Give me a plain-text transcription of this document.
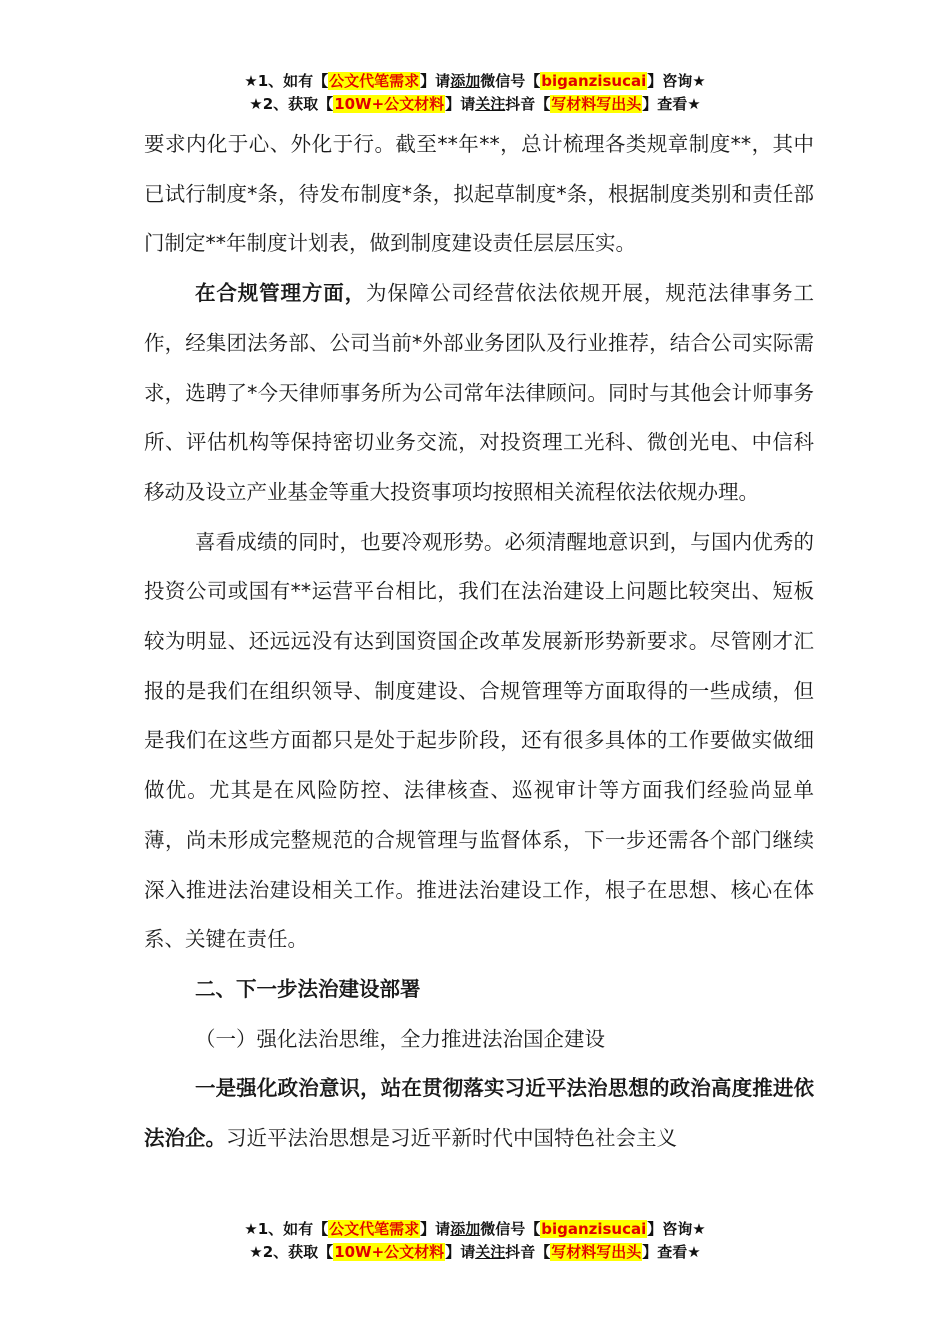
★1、如有【公文代笔需求】请添加微信号【biganzisucai】咨询★
★2、获取【10W+公文材料】请关注抖音【写材料写出头】查看★

要求内化于心、外化于行。截至**年**，总计梳理各类规章制度**，其中已试行制度*条，待发布制度*条，拟起草制度*条，根据制度类别和责任部门制定**年制度计划表，做到制度建设责任层层压实。

在合规管理方面，为保障公司经营依法依规开展，规范法律事务工作，经集团法务部、公司当前*外部业务团队及行业推荐，结合公司实际需求，选聘了*今天律师事务所为公司常年法律顾问。同时与其他会计师事务所、评估机构等保持密切业务交流，对投资理工光科、微创光电、中信科移动及设立产业基金等重大投资事项均按照相关流程依法依规办理。

喜看成绩的同时，也要冷观形势。必须清醒地意识到，与国内优秀的投资公司或国有**运营平台相比，我们在法治建设上问题比较突出、短板较为明显、还远远没有达到国资国企改革发展新形势新要求。尽管刚才汇报的是我们在组织领导、制度建设、合规管理等方面取得的一些成绩，但是我们在这些方面都只是处于起步阶段，还有很多具体的工作要做实做细做优。尤其是在风险防控、法律核查、巡视审计等方面我们经验尚显单薄，尚未形成完整规范的合规管理与监督体系，下一步还需各个部门继续深入推进法治建设相关工作。推进法治建设工作，根子在思想、核心在体系、关键在责任。

二、下一步法治建设部署

（一）强化法治思维，全力推进法治国企建设

一是强化政治意识，站在贯彻落实习近平法治思想的政治高度推进依法治企。习近平法治思想是习近平新时代中国特色社会主义

★1、如有【公文代笔需求】请添加微信号【biganzisucai】咨询★
★2、获取【10W+公文材料】请关注抖音【写材料写出头】查看★
